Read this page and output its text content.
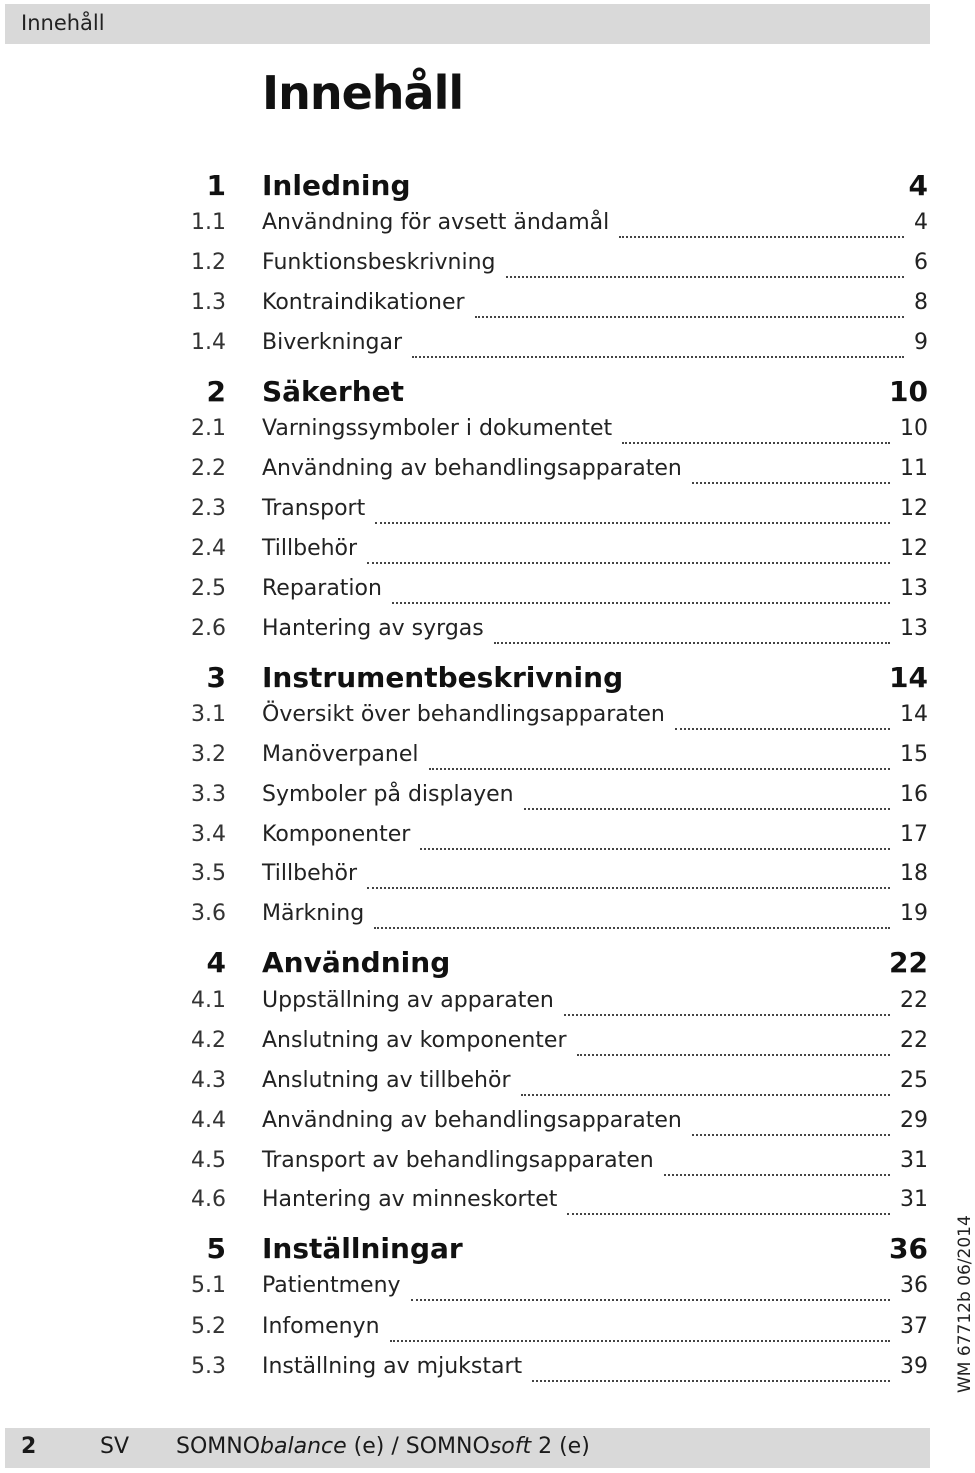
Innehåll
Innehåll
1 Inledning	4
1.1 Användning för avsett ändamål	4
1.2 Funktionsbeskrivning	6
1.3 Kontraindikationer	8
1.4 Biverkningar	9
2 Säkerhet	10
2.1 Varningssymboler i dokumentet	10
2.2 Användning av behandlingsapparaten	11
2.3 Transport	12
2.4 Tillbehör	12
2.5 Reparation	13
2.6 Hantering av syrgas	13
3 Instrumentbeskrivning	14
3.1 Översikt över behandlingsapparaten	14
3.2 Manöverpanel	15
3.3 Symboler på displayen	16
3.4 Komponenter	17
3.5 Tillbehör	18
3.6 Märkning	19
4 Användning	22
4.1 Uppställning av apparaten	22
4.2 Anslutning av komponenter	22
4.3 Anslutning av tillbehör	25
4.4 Användning av behandlingsapparaten	29
4.5 Transport av behandlingsapparaten	31
4.6 Hantering av minneskortet	31
5 Inställningar	36
5.1 Patientmeny	36
5.2 Infomenyn	37
5.3 Inställning av mjukstart	39 WM 67712b 06/2014
2	SV SOMNObalance (e) / SOMNOsoft 2 (e)
